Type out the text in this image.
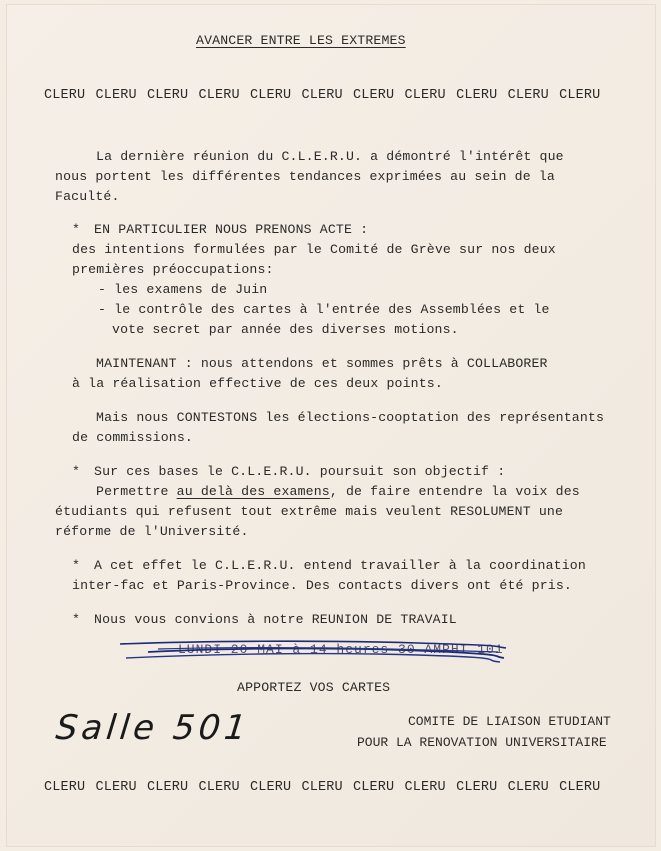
AVANCER ENTRE LES EXTREMES
CLERU CLERU CLERU CLERU CLERU CLERU CLERU CLERU CLERU CLERU CLERU
La dernière réunion du C.L.E.R.U. a démontré l'intérêt que
nous portent les différentes tendances exprimées au sein de la
Faculté.
* EN PARTICULIER NOUS PRENONS ACTE :
des intentions formulées par le Comité de Grève sur nos deux
premières préoccupations:
- les examens de Juin
- le contrôle des cartes à l'entrée des Assemblées et le
vote secret par année des diverses motions.
MAINTENANT : nous attendons et sommes prêts à COLLABORER
à la réalisation effective de ces deux points.
Mais nous CONTESTONS les élections-cooptation des représentants
de commissions.
* Sur ces bases le C.L.E.R.U. poursuit son objectif :
Permettre au delà des examens, de faire entendre la voix des
étudiants qui refusent tout extrême mais veulent RESOLUMENT une
réforme de l'Université.
* A cet effet le C.L.E.R.U. entend travailler à la coordination
inter-fac et Paris-Province. Des contacts divers ont été pris.
* Nous vous convions à notre REUNION DE TRAVAIL
LUNDI 20 MAI à 14 heures 30 AMPHI 101
APPORTEZ VOS CARTES
Salle 501	COMITE DE LIAISON ETUDIANT
POUR LA RENOVATION UNIVERSITAIRE
CLERU CLERU CLERU CLERU CLERU CLERU CLERU CLERU CLERU CLERU CLERU
